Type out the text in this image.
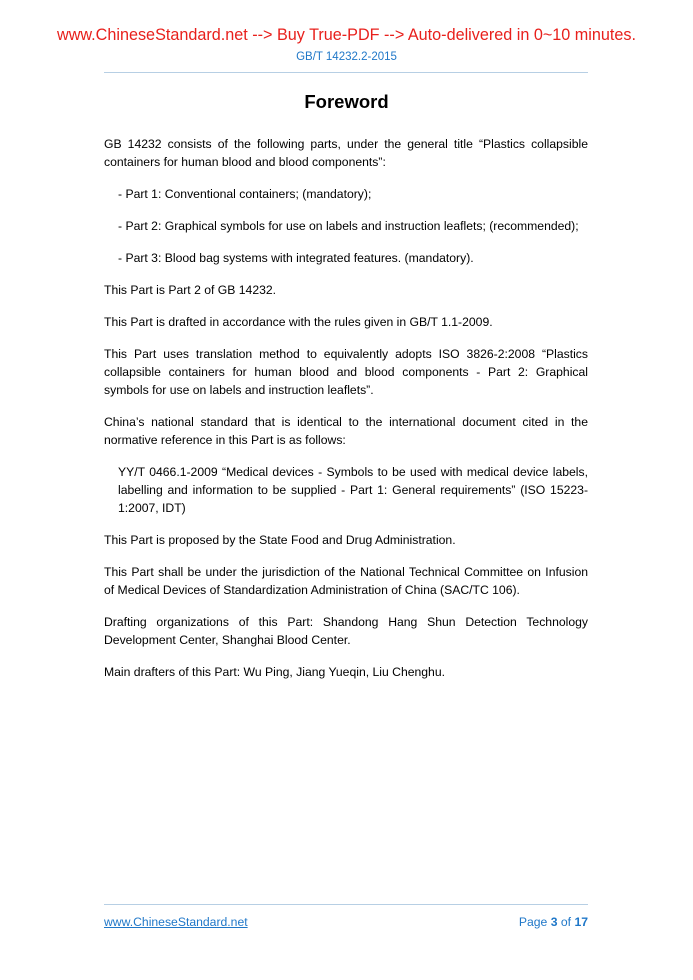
www.ChineseStandard.net --> Buy True-PDF --> Auto-delivered in 0~10 minutes.
GB/T 14232.2-2015
Foreword

GB 14232 consists of the following parts, under the general title “Plastics collapsible containers for human blood and blood components”:

- Part 1: Conventional containers; (mandatory);

- Part 2: Graphical symbols for use on labels and instruction leaflets; (recommended);

- Part 3: Blood bag systems with integrated features. (mandatory).

This Part is Part 2 of GB 14232.

This Part is drafted in accordance with the rules given in GB/T 1.1-2009.

This Part uses translation method to equivalently adopts ISO 3826-2:2008 “Plastics collapsible containers for human blood and blood components - Part 2: Graphical symbols for use on labels and instruction leaflets”.

China’s national standard that is identical to the international document cited in the normative reference in this Part is as follows:

YY/T 0466.1-2009 “Medical devices - Symbols to be used with medical device labels, labelling and information to be supplied - Part 1: General requirements” (ISO 15223-1:2007, IDT)

This Part is proposed by the State Food and Drug Administration.

This Part shall be under the jurisdiction of the National Technical Committee on Infusion of Medical Devices of Standardization Administration of China (SAC/TC 106).

Drafting organizations of this Part: Shandong Hang Shun Detection Technology Development Center, Shanghai Blood Center.

Main drafters of this Part: Wu Ping, Jiang Yueqin, Liu Chenghu.

www.ChineseStandard.net	Page 3 of 17
